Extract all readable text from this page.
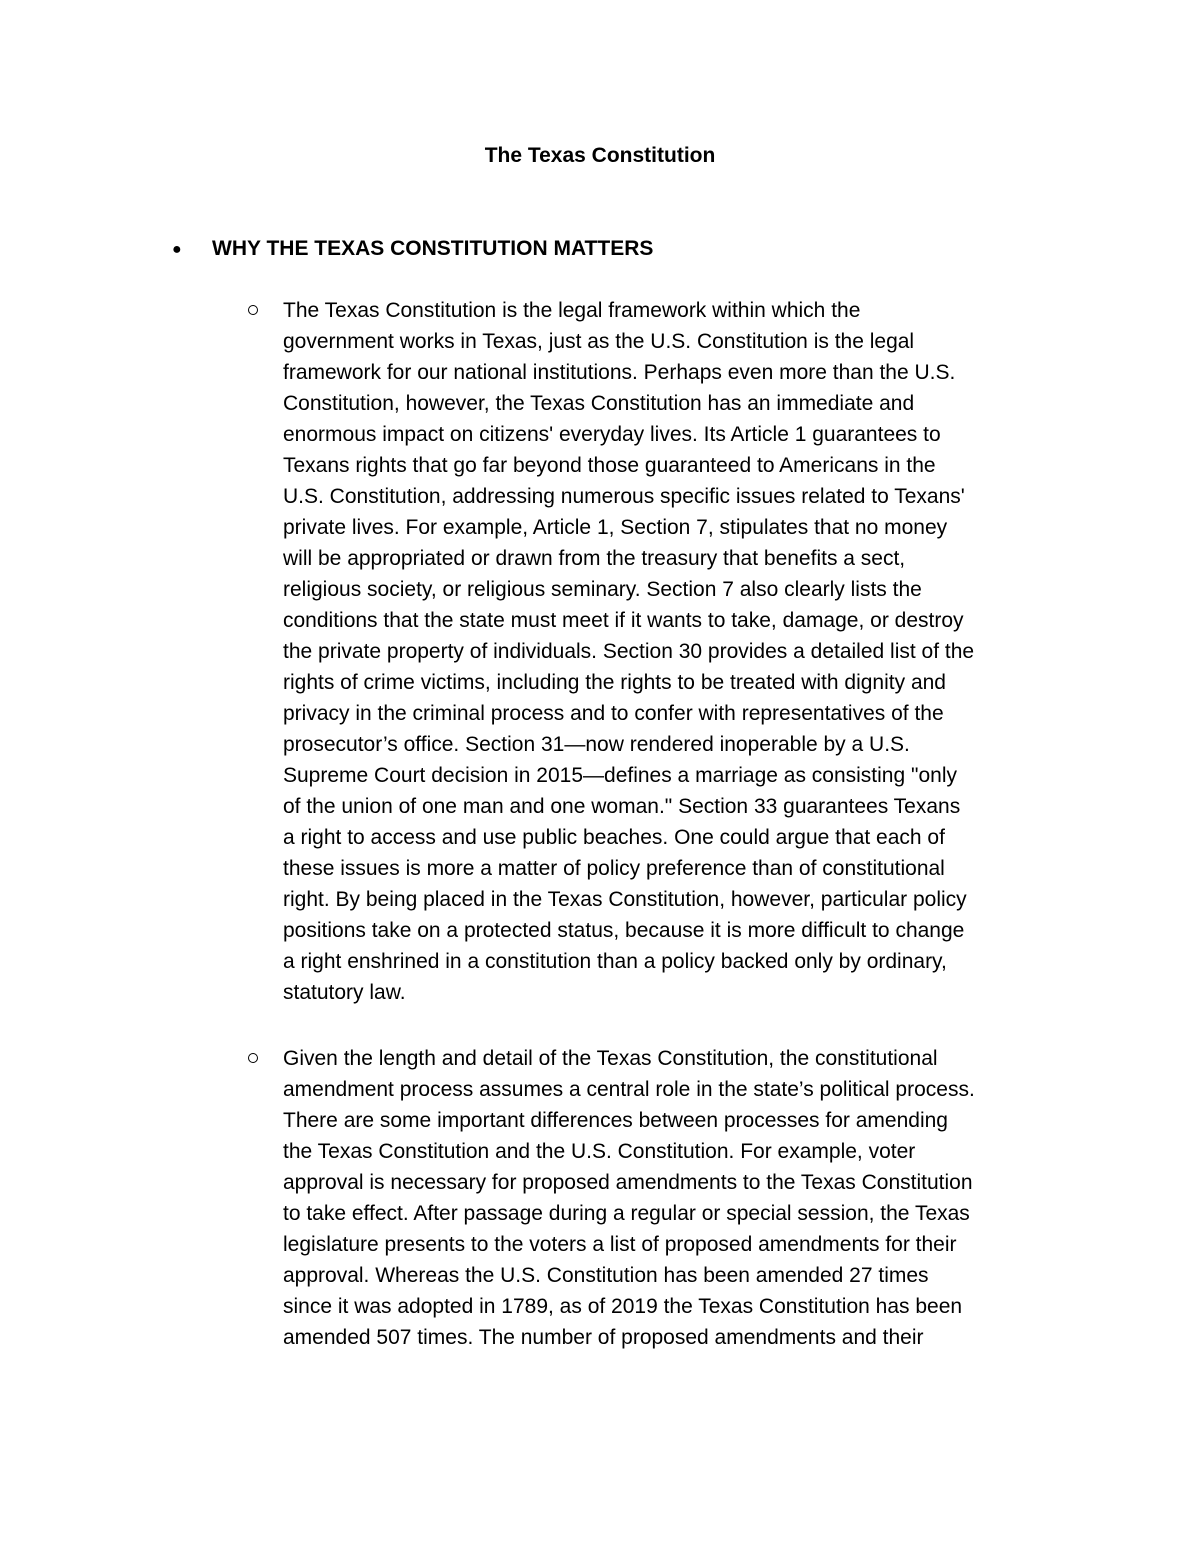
The Texas Constitution
● WHY THE TEXAS CONSTITUTION MATTERS
The Texas Constitution is the legal framework within which the
government works in Texas, just as the U.S. Constitution is the legal
framework for our national institutions. Perhaps even more than the U.S.
Constitution, however, the Texas Constitution has an immediate and
enormous impact on citizens' everyday lives. Its Article 1 guarantees to
Texans rights that go far beyond those guaranteed to Americans in the
U.S. Constitution, addressing numerous specific issues related to Texans'
private lives. For example, Article 1, Section 7, stipulates that no money
will be appropriated or drawn from the treasury that benefits a sect,
religious society, or religious seminary. Section 7 also clearly lists the
conditions that the state must meet if it wants to take, damage, or destroy
the private property of individuals. Section 30 provides a detailed list of the
rights of crime victims, including the rights to be treated with dignity and
privacy in the criminal process and to confer with representatives of the
prosecutor’s office. Section 31—now rendered inoperable by a U.S.
Supreme Court decision in 2015—defines a marriage as consisting "only
of the union of one man and one woman." Section 33 guarantees Texans
a right to access and use public beaches. One could argue that each of
these issues is more a matter of policy preference than of constitutional
right. By being placed in the Texas Constitution, however, particular policy
positions take on a protected status, because it is more difficult to change
a right enshrined in a constitution than a policy backed only by ordinary,
statutory law.
Given the length and detail of the Texas Constitution, the constitutional
amendment process assumes a central role in the state’s political process.
There are some important differences between processes for amending
the Texas Constitution and the U.S. Constitution. For example, voter
approval is necessary for proposed amendments to the Texas Constitution
to take effect. After passage during a regular or special session, the Texas
legislature presents to the voters a list of proposed amendments for their
approval. Whereas the U.S. Constitution has been amended 27 times
since it was adopted in 1789, as of 2019 the Texas Constitution has been
amended 507 times. The number of proposed amendments and their
